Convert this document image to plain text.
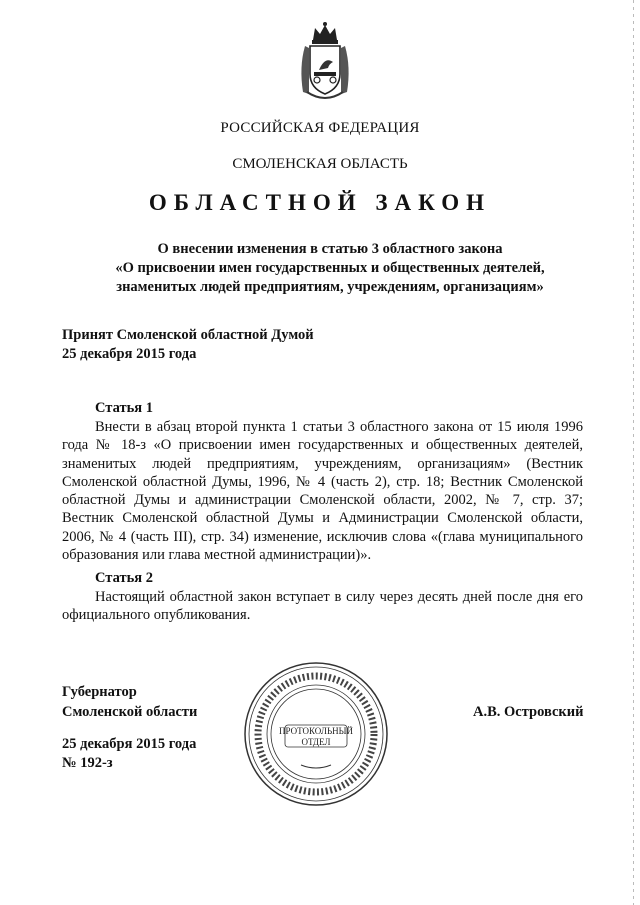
РОССИЙСКАЯ ФЕДЕРАЦИЯ
СМОЛЕНСКАЯ ОБЛАСТЬ
ОБЛАСТНОЙ ЗАКОН
О внесении изменения в статью 3 областного закона
«О присвоении имен государственных и общественных деятелей,
знаменитых людей предприятиям, учреждениям, организациям»
Принят Смоленской областной Думой
25 декабря 2015 года
Статья 1
Внести в абзац второй пункта 1 статьи 3 областного закона от 15 июля 1996 года № 18-з «О присвоении имен государственных и общественных деятелей, знаменитых людей предприятиям, учреждениям, организациям» (Вестник Смоленской областной Думы, 1996, № 4 (часть 2), стр. 18; Вестник Смоленской областной Думы и администрации Смоленской области, 2002, № 7, стр. 37; Вестник Смоленской областной Думы и Администрации Смоленской области, 2006, № 4 (часть III), стр. 34) изменение, исключив слова «(глава муниципального образования или глава местной администрации)».
Статья 2
Настоящий областной закон вступает в силу через десять дней после дня его официального опубликования.
Губернатор
Смоленской области
25 декабря 2015 года
№ 192-з
А.В. Островский
ПРОТОКОЛЬНЫЙ
ОТДЕЛ
